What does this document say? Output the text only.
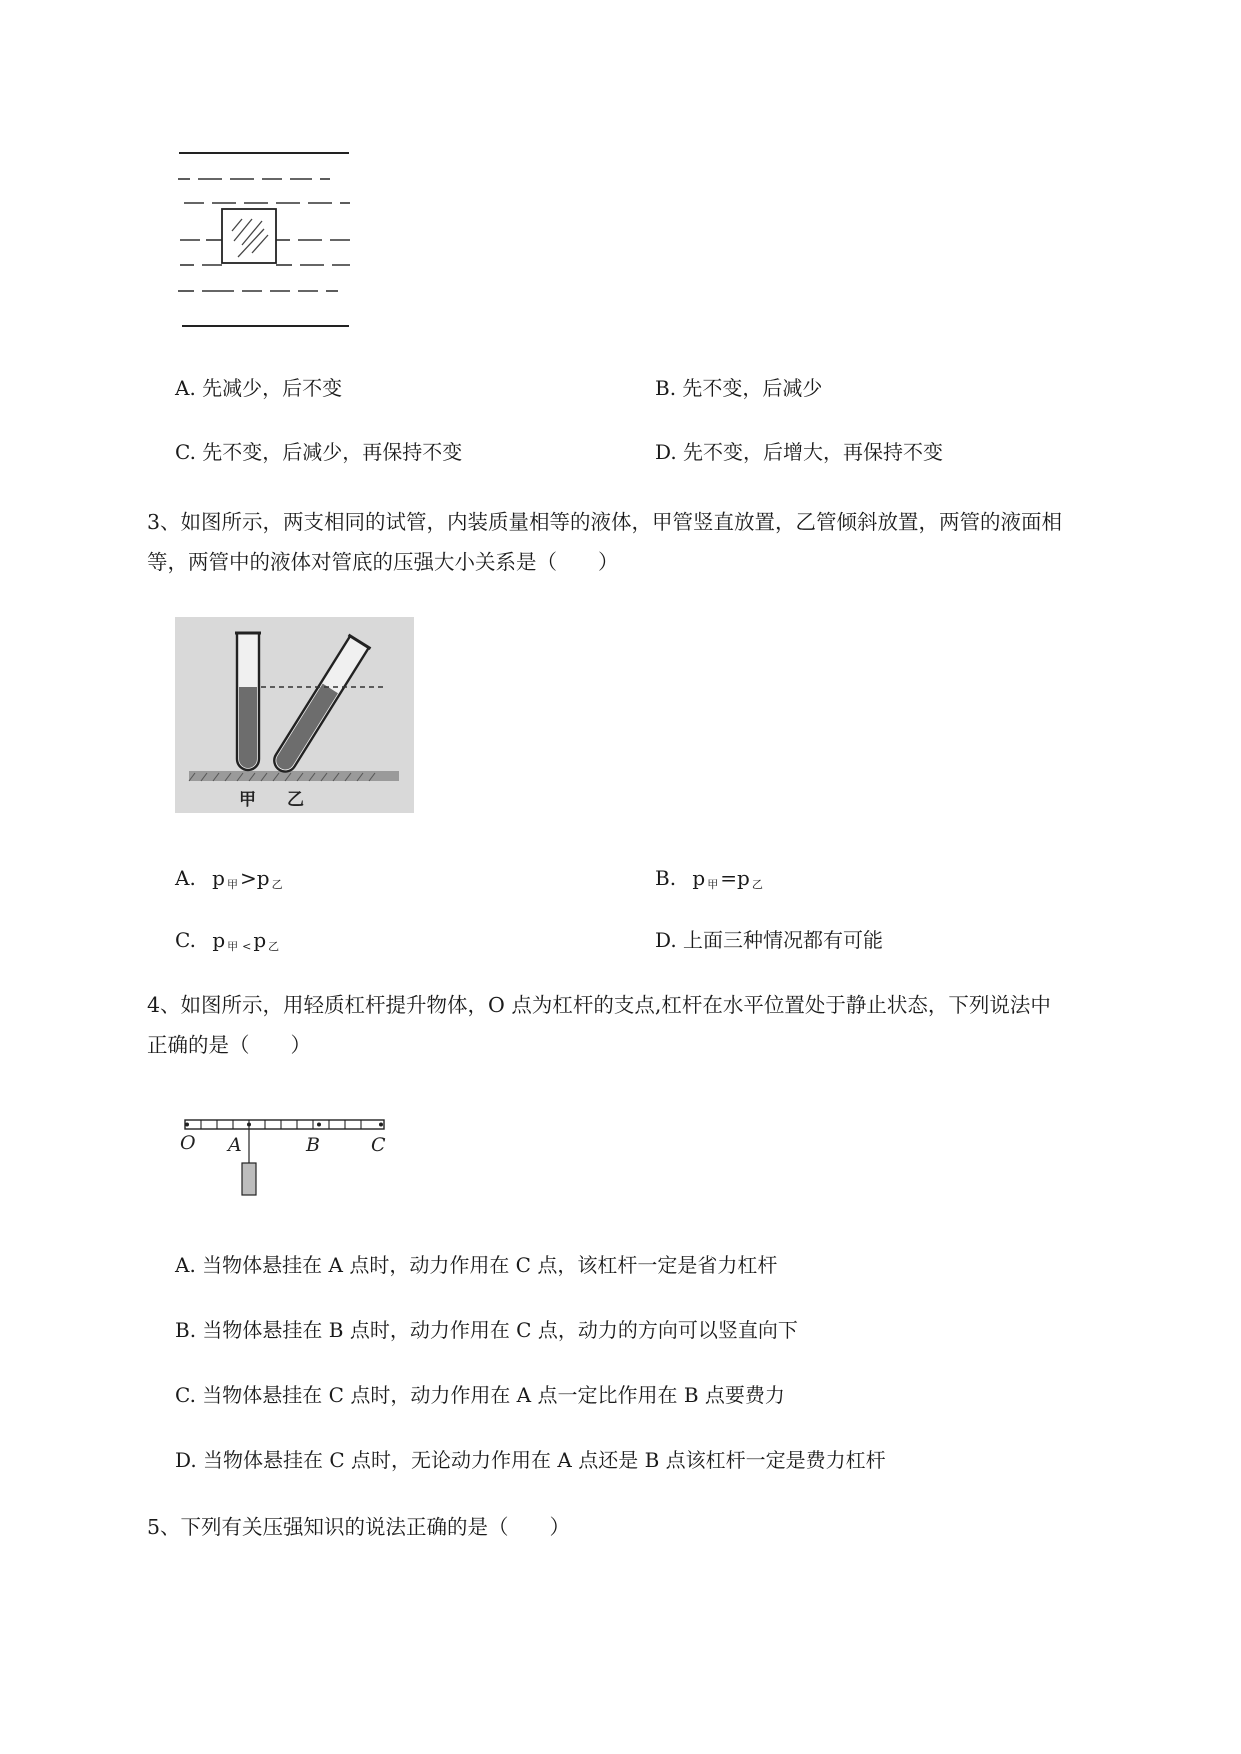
A. 先减少，后不变	B. 先不变，后减少
C. 先不变，后减少，再保持不变	D. 先不变，后增大，再保持不变
3、如图所示，两支相同的试管，内装质量相等的液体，甲管竖直放置，乙管倾斜放置，两管的液面相
等，两管中的液体对管底的压强大小关系是（　　）
甲 乙
A. p $_甲$ >p $_乙$	B. p $_甲$ =p $_乙$
C. p $_甲$ $_<$ p $_乙$	D. 上面三种情况都有可能
4、如图所示，用轻质杠杆提升物体，O 点为杠杆的支点,杠杆在水平位置处于静止状态，下列说法中
正确的是（　　）
O A	B	C
A. 当物体悬挂在 A 点时，动力作用在 C 点，该杠杆一定是省力杠杆
B. 当物体悬挂在 B 点时，动力作用在 C 点，动力的方向可以竖直向下
C. 当物体悬挂在 C 点时，动力作用在 A 点一定比作用在 B 点要费力
D. 当物体悬挂在 C 点时，无论动力作用在 A 点还是 B 点该杠杆一定是费力杠杆
5、下列有关压强知识的说法正确的是（　　）
